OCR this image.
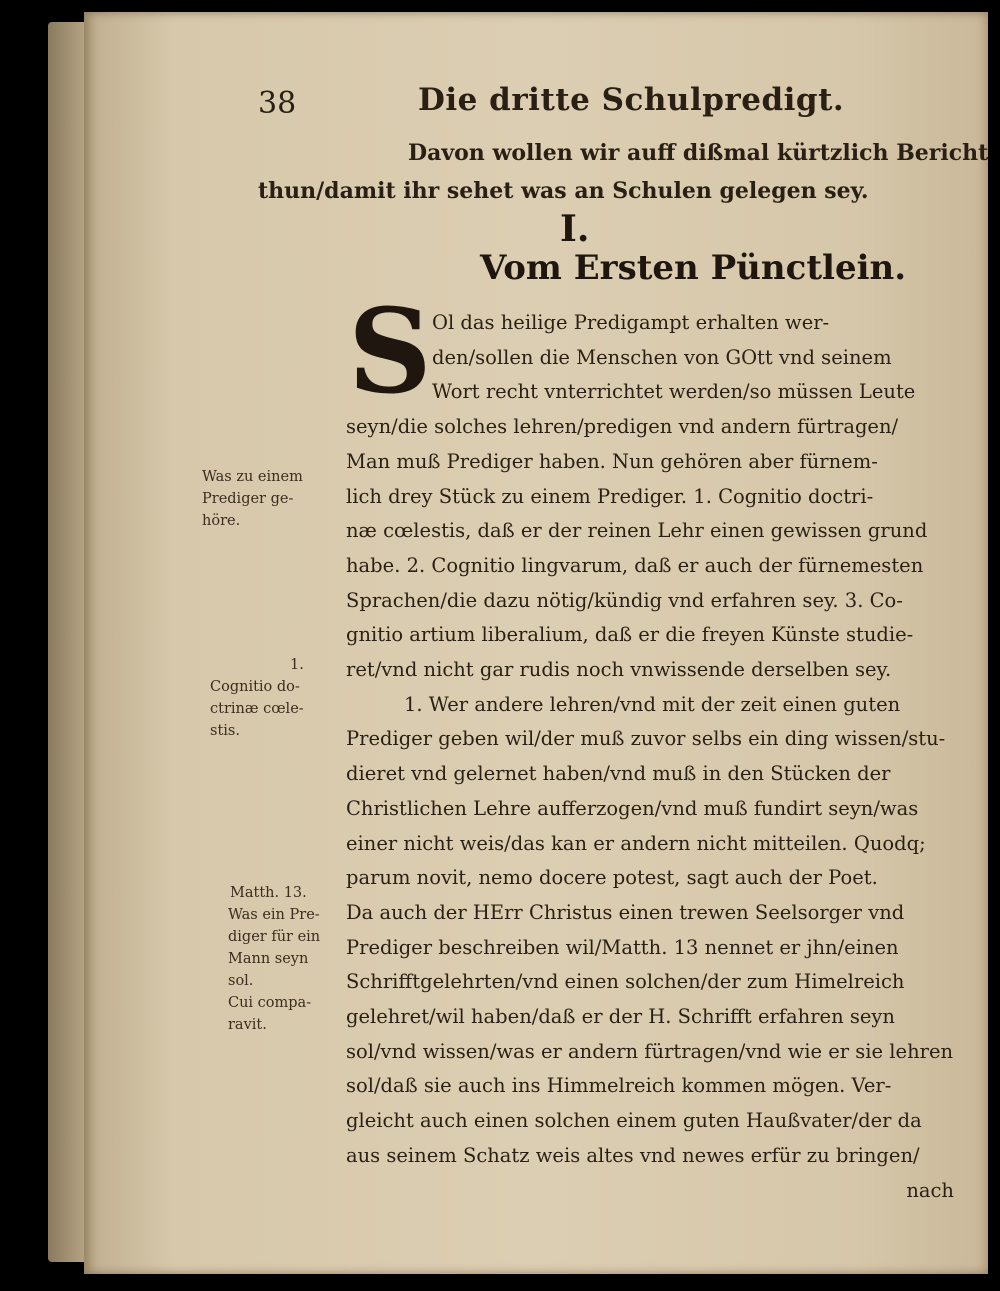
38	Die dritte Schulpredigt.
Davon wollen wir auff dißmal kürtzlich Bericht
thun/damit ihr sehet was an Schulen gelegen sey.
I.
Vom Ersten Pünctlein.
S Ol das heilige Predigampt erhalten wer-
den/sollen die Menschen von GOtt vnd seinem
Wort recht vnterrichtet werden/so müssen Leute
seyn/die solches lehren/predigen vnd andern fürtragen/
Man muß Prediger haben. Nun gehören aber fürnem-
lich drey Stück zu einem Prediger. 1. Cognitio doctri-
næ cœlestis, daß er der reinen Lehr einen gewissen grund
habe. 2. Cognitio lingvarum, daß er auch der fürnemesten
Sprachen/die dazu nötig/kündig vnd erfahren sey. 3. Co-
gnitio artium liberalium, daß er die freyen Künste studie-
ret/vnd nicht gar rudis noch vnwissende derselben sey.
1. Wer andere lehren/vnd mit der zeit einen guten
Prediger geben wil/der muß zuvor selbs ein ding wissen/stu-
dieret vnd gelernet haben/vnd muß in den Stücken der
Christlichen Lehre aufferzogen/vnd muß fundirt seyn/was
einer nicht weis/das kan er andern nicht mitteilen. Quodq;
parum novit, nemo docere potest, sagt auch der Poet.
Da auch der HErr Christus einen trewen Seelsorger vnd
Prediger beschreiben wil/Matth. 13 nennet er jhn/einen
Schrifftgelehrten/vnd einen solchen/der zum Himelreich
gelehret/wil haben/daß er der H. Schrifft erfahren seyn
sol/vnd wissen/was er andern fürtragen/vnd wie er sie lehren
sol/daß sie auch ins Himmelreich kommen mögen. Ver-
gleicht auch einen solchen einem guten Haußvater/der da
aus seinem Schatz weis altes vnd newes erfür zu bringen/
nach
Was zu einem
Prediger ge-
höre.
1.
Cognitio do-
ctrinæ cœle-
stis.
Matth. 13.
Was ein Pre-
diger für ein
Mann seyn
sol.
Cui compa-
ravit.
